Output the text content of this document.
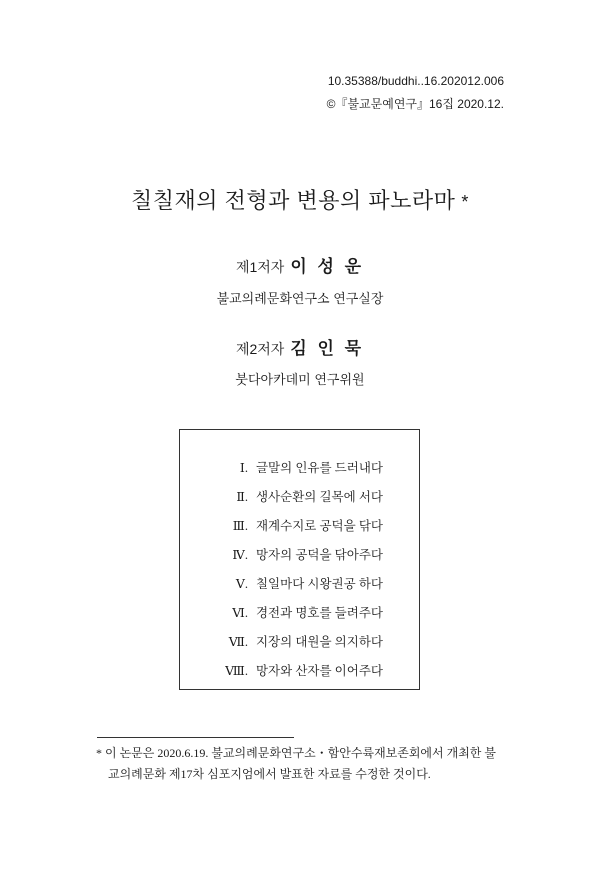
10.35388/buddhi..16.202012.006
©『불교문예연구』16집 2020.12.
칠칠재의 전형과 변용의 파노라마 *
제1저자 이 성 운
불교의례문화연구소 연구실장
제2저자 김 인 묵
붓다아카데미 연구위원
Ⅰ. 글말의 인유를 드러내다
Ⅱ. 생사순환의 길목에 서다
Ⅲ. 재계수지로 공덕을 닦다
Ⅳ. 망자의 공덕을 닦아주다
Ⅴ. 칠일마다 시왕권공 하다
Ⅵ. 경전과 명호를 들려주다
Ⅶ. 지장의 대원을 의지하다
Ⅷ. 망자와 산자를 이어주다
* 이 논문은 2020.6.19. 불교의례문화연구소・함안수륙재보존회에서 개최한 불
교의례문화 제17차 심포지엄에서 발표한 자료를 수정한 것이다.
